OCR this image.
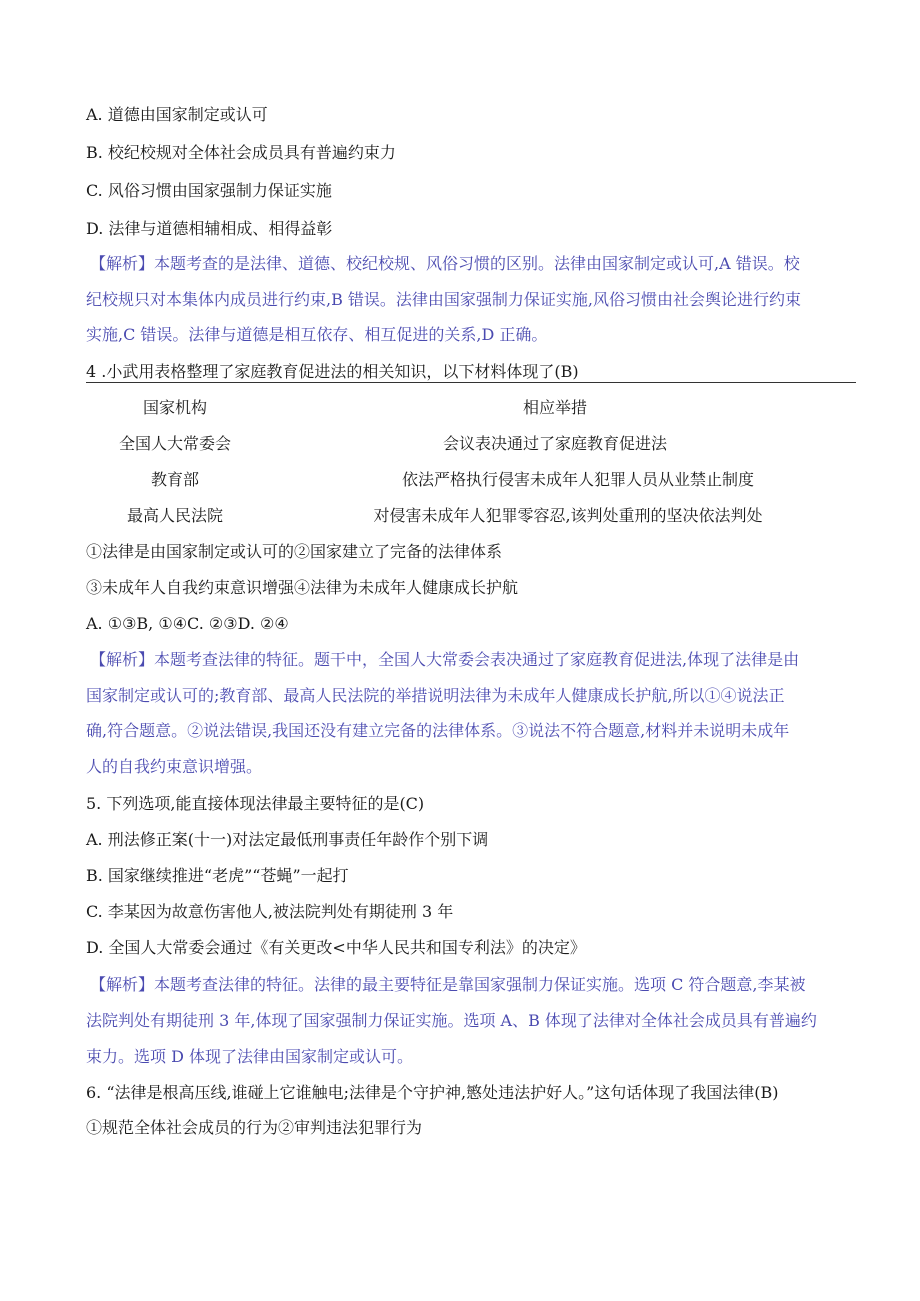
A. 道德由国家制定或认可
B. 校纪校规对全体社会成员具有普遍约束力
C. 风俗习惯由国家强制力保证实施
D. 法律与道德相辅相成、相得益彰
【解析】本题考查的是法律、道德、校纪校规、风俗习惯的区别。法律由国家制定或认可,A 错误。校
纪校规只对本集体内成员进行约束,B 错误。法律由国家强制力保证实施,风俗习惯由社会舆论进行约束
实施,C 错误。法律与道德是相互依存、相互促进的关系,D 正确。
4 .小武用表格整理了家庭教育促进法的相关知识，以下材料体现了(B)
国家机构	相应举措
全国人大常委会	会议表决通过了家庭教育促进法
教育部	依法严格执行侵害未成年人犯罪人员从业禁止制度
最高人民法院	对侵害未成年人犯罪零容忍,该判处重刑的坚决依法判处
①法律是由国家制定或认可的②国家建立了完备的法律体系
③未成年人自我约束意识增强④法律为未成年人健康成长护航
A. ①③B, ①④C. ②③D. ②④
【解析】本题考查法律的特征。题干中，全国人大常委会表决通过了家庭教育促进法,体现了法律是由
国家制定或认可的;教育部、最高人民法院的举措说明法律为未成年人健康成长护航,所以①④说法正
确,符合题意。②说法错误,我国还没有建立完备的法律体系。③说法不符合题意,材料并未说明未成年
人的自我约束意识增强。
5. 下列选项,能直接体现法律最主要特征的是(C)
A. 刑法修正案(十一)对法定最低刑事责任年龄作个别下调
B. 国家继续推进“老虎”“苍蝇”一起打
C. 李某因为故意伤害他人,被法院判处有期徒刑 3 年
D. 全国人大常委会通过《有关更改<中华人民共和国专利法》的决定》
【解析】本题考查法律的特征。法律的最主要特征是靠国家强制力保证实施。选项 C 符合题意,李某被
法院判处有期徒刑 3 年,体现了国家强制力保证实施。选项 A、B 体现了法律对全体社会成员具有普遍约
束力。选项 D 体现了法律由国家制定或认可。
6. “法律是根高压线,谁碰上它谁触电;法律是个守护神,慜处违法护好人。”这句话体现了我国法律(B)
①规范全体社会成员的行为②审判违法犯罪行为
